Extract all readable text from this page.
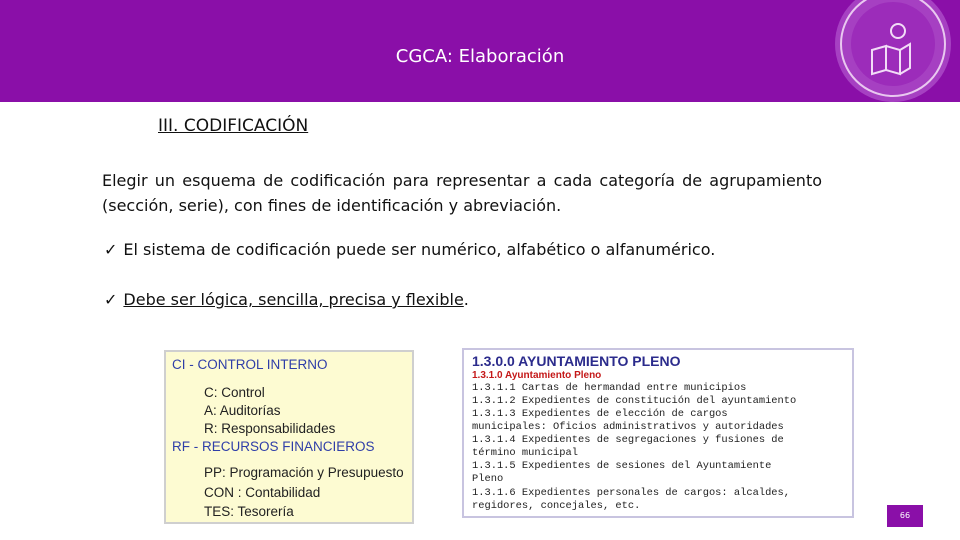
CGCA: Elaboración
III. CODIFICACIÓN
Elegir un esquema de codificación para representar a cada categoría de agrupamiento (sección, serie), con fines de identificación y abreviación.
✓ El sistema de codificación puede ser numérico, alfabético o alfanumérico.
✓ Debe ser lógica, sencilla, precisa y flexible.
CI - CONTROL INTERNO
C: Control
A: Auditorías
R: Responsabilidades
RF - RECURSOS FINANCIEROS
PP: Programación y Presupuesto
CON : Contabilidad
TES: Tesorería
1.3.0.0 AYUNTAMIENTO PLENO
1.3.1.0 Ayuntamiento Pleno
1.3.1.1 Cartas de hermandad entre municipios
1.3.1.2 Expedientes de constitución del ayuntamiento
1.3.1.3 Expedientes de elección de cargos
municipales: Oficios administrativos y autoridades
1.3.1.4 Expedientes de segregaciones y fusiones de
término municipal
1.3.1.5 Expedientes de sesiones del Ayuntamiente
Pleno
1.3.1.6 Expedientes personales de cargos: alcaldes,
regidores, concejales, etc.
66
